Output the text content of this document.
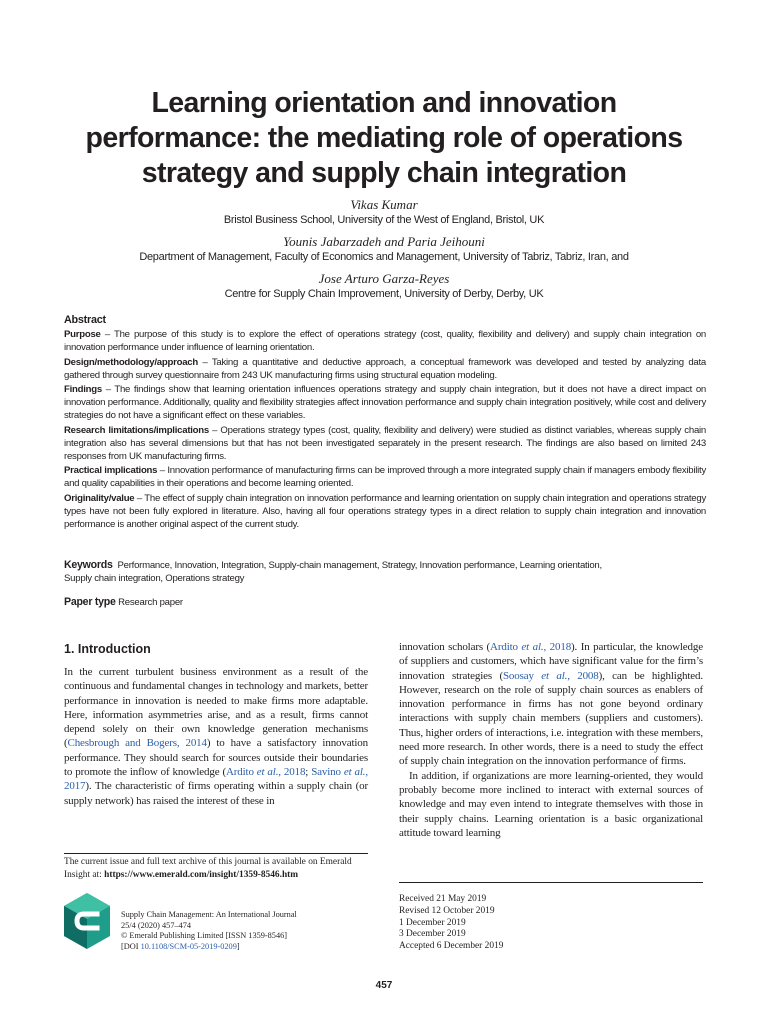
Learning orientation and innovation
performance: the mediating role of operations
strategy and supply chain integration
Vikas Kumar
Bristol Business School, University of the West of England, Bristol, UK
Younis Jabarzadeh and Paria Jeihouni
Department of Management, Faculty of Economics and Management, University of Tabriz, Tabriz, Iran, and
Jose Arturo Garza-Reyes
Centre for Supply Chain Improvement, University of Derby, Derby, UK
Abstract
Purpose – The purpose of this study is to explore the effect of operations strategy (cost, quality, flexibility and delivery) and supply chain integration on innovation performance under influence of learning orientation.
Design/methodology/approach – Taking a quantitative and deductive approach, a conceptual framework was developed and tested by analyzing data gathered through survey questionnaire from 243 UK manufacturing firms using structural equation modeling.
Findings – The findings show that learning orientation influences operations strategy and supply chain integration, but it does not have a direct impact on innovation performance. Additionally, quality and flexibility strategies affect innovation performance and supply chain integration positively, while cost and delivery strategies do not have a significant effect on these variables.
Research limitations/implications – Operations strategy types (cost, quality, flexibility and delivery) were studied as distinct variables, whereas supply chain integration also has several dimensions but that has not been investigated separately in the present research. The findings are also based on limited 243 responses from UK manufacturing firms.
Practical implications – Innovation performance of manufacturing firms can be improved through a more integrated supply chain if managers embody flexibility and quality capabilities in their operations and become learning oriented.
Originality/value – The effect of supply chain integration on innovation performance and learning orientation on supply chain integration and operations strategy types have not been fully explored in literature. Also, having all four operations strategy types in a direct relation to supply chain integration and innovation performance is another original aspect of the current study.
Keywords Performance, Innovation, Integration, Supply-chain management, Strategy, Innovation performance, Learning orientation,
Supply chain integration, Operations strategy
Paper type Research paper
1. Introduction
In the current turbulent business environment as a result of the continuous and fundamental changes in technology and markets, better performance in innovation is needed to make firms more adaptable. Here, information asymmetries arise, and as a result, firms cannot depend solely on their own knowledge generation mechanisms (Chesbrough and Bogers, 2014) to have a satisfactory innovation performance. They should search for sources outside their boundaries to promote the inflow of knowledge (Ardito et al., 2018; Savino et al., 2017). The characteristic of firms operating within a supply chain (or supply network) has raised the interest of these in
innovation scholars (Ardito et al., 2018). In particular, the knowledge of suppliers and customers, which have significant value for the firm’s innovation strategies (Soosay et al., 2008), can be highlighted. However, research on the role of supply chain sources as enablers of innovation performance in firms has not gone beyond ordinary interactions with supply chain members (suppliers and customers). Thus, higher orders of interactions, i.e. integration with these members, need more research. In other words, there is a need to study the effect of supply chain integration on the innovation performance of firms.
In addition, if organizations are more learning-oriented, they would probably become more inclined to interact with external sources of knowledge and may even intend to integrate themselves with those in their supply chains. Learning orientation is a basic organizational attitude toward learning
The current issue and full text archive of this journal is available on Emerald Insight at: https://www.emerald.com/insight/1359-8546.htm
Supply Chain Management: An International Journal
25/4 (2020) 457–474
© Emerald Publishing Limited [ISSN 1359-8546]
[DOI 10.1108/SCM-05-2019-0209]
Received 21 May 2019
Revised 12 October 2019
1 December 2019
3 December 2019
Accepted 6 December 2019
457
